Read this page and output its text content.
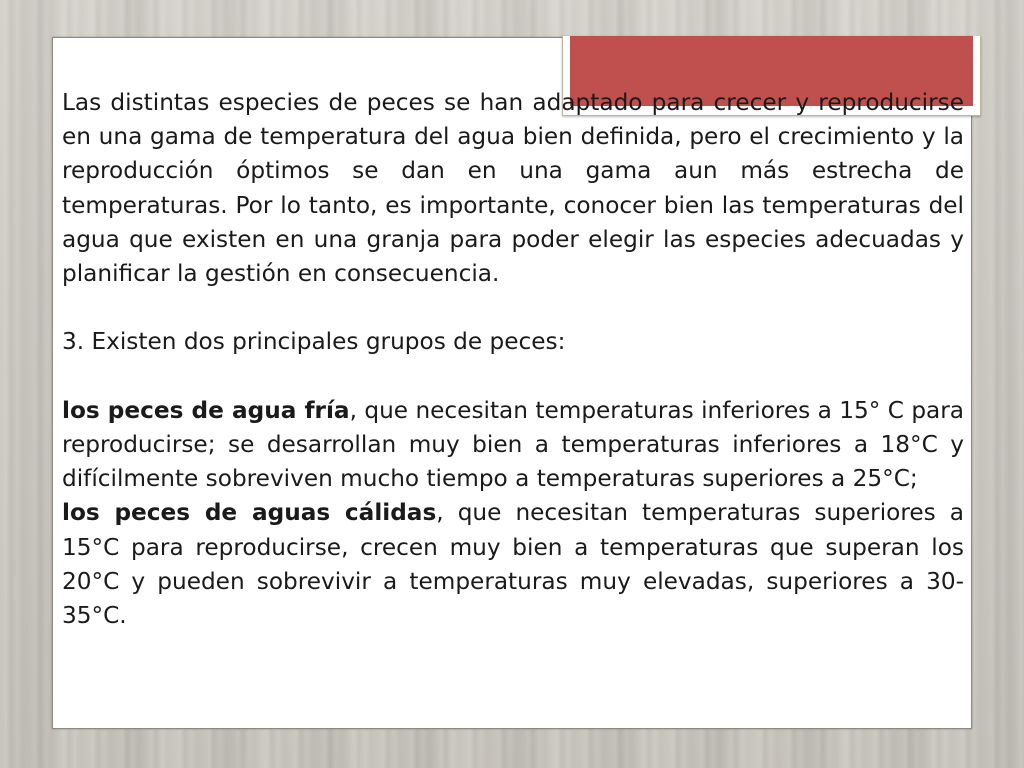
Las distintas especies de peces se han adaptado para crecer y reproducirse en una gama de temperatura del agua bien definida, pero el crecimiento y la reproducción óptimos se dan en una gama aun más estrecha de temperaturas. Por lo tanto, es importante, conocer bien las temperaturas del agua que existen en una granja para poder elegir las especies adecuadas y planificar la gestión en consecuencia.

3. Existen dos principales grupos de peces:

los peces de agua fría, que necesitan temperaturas inferiores a 15° C para reproducirse; se desarrollan muy bien a temperaturas inferiores a 18°C y difícilmente sobreviven mucho tiempo a temperaturas superiores a 25°C;

los peces de aguas cálidas, que necesitan temperaturas superiores a 15°C para reproducirse, crecen muy bien a temperaturas que superan los 20°C y pueden sobrevivir a temperaturas muy elevadas, superiores a 30-35°C.
